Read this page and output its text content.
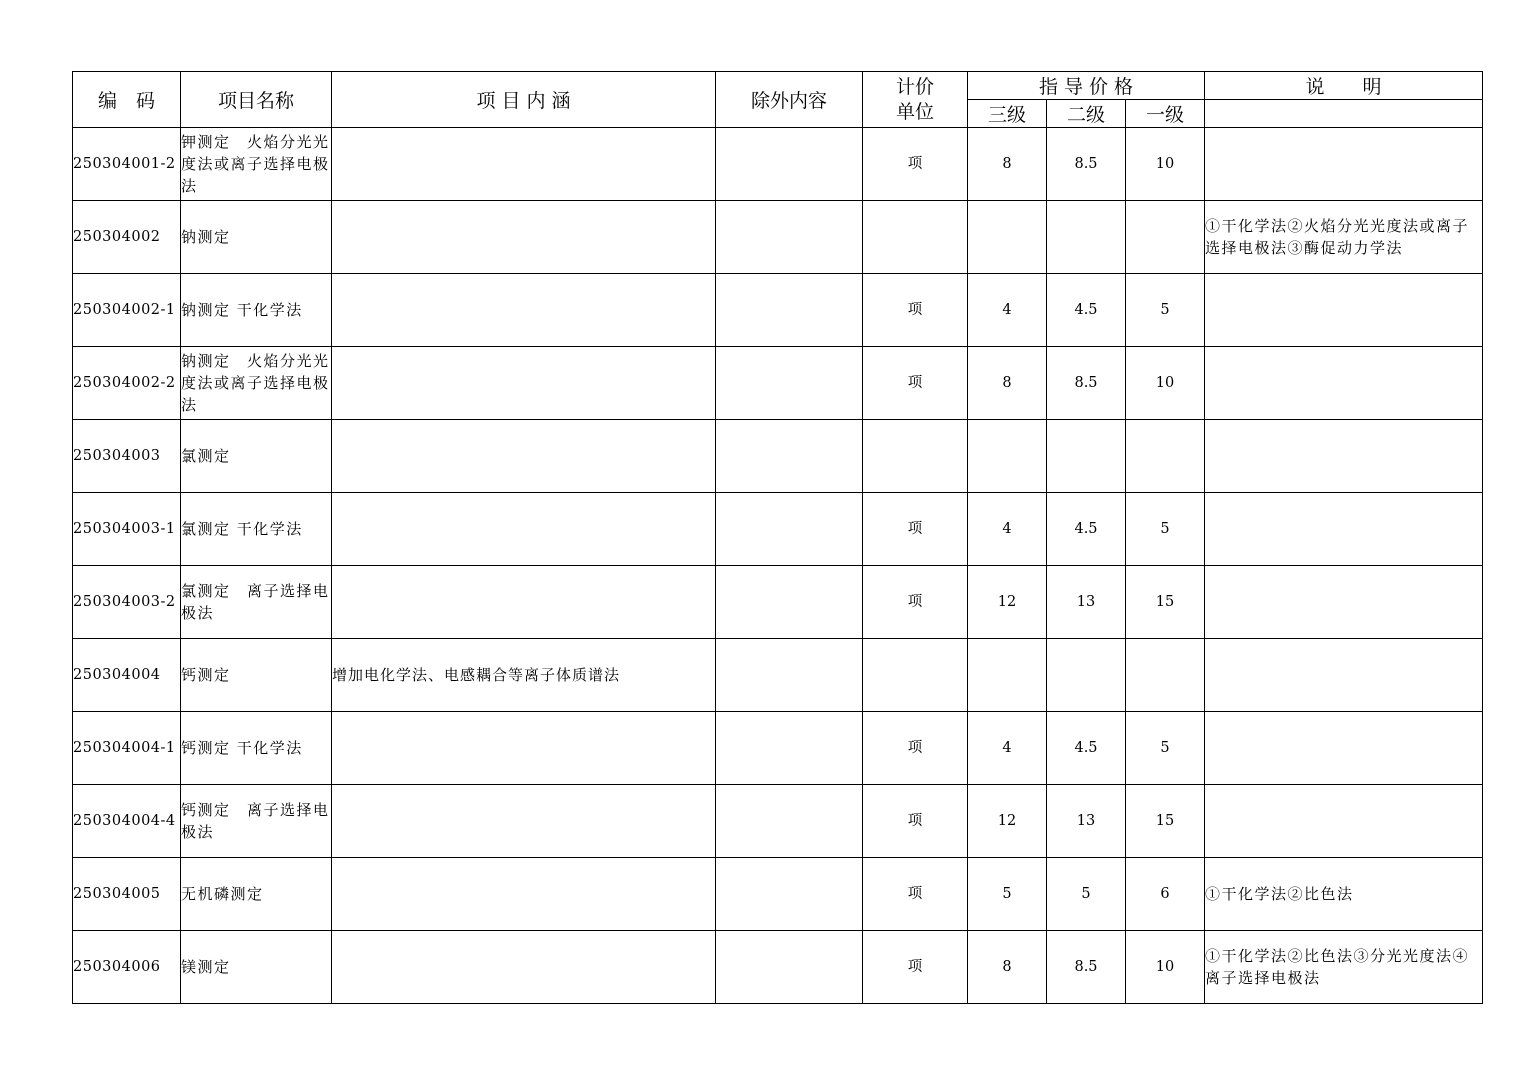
编　码	项目名称	项 目 内 涵	除外内容	计价
单位	指 导 价 格			说　　明
					三级	二级	一级	
250304001-2	钾测定　火焰分光光度法或离子选择电极法			项	8	8.5	10	
250304002	钠测定							①干化学法②火焰分光光度法或离子选择电极法③酶促动力学法
250304002-1	钠测定 干化学法			项	4	4.5	5	
250304002-2	钠测定　火焰分光光度法或离子选择电极法			项	8	8.5	10	
250304003	氯测定							
250304003-1	氯测定 干化学法			项	4	4.5	5	
250304003-2	氯测定　离子选择电极法			项	12	13	15	
250304004	钙测定	增加电化学法、电感耦合等离子体质谱法						
250304004-1	钙测定 干化学法			项	4	4.5	5	
250304004-4	钙测定　离子选择电极法			项	12	13	15	
250304005	无机磷测定			项	5	5	6	①干化学法②比色法
250304006	镁测定			项	8	8.5	10	①干化学法②比色法③分光光度法④离子选择电极法
